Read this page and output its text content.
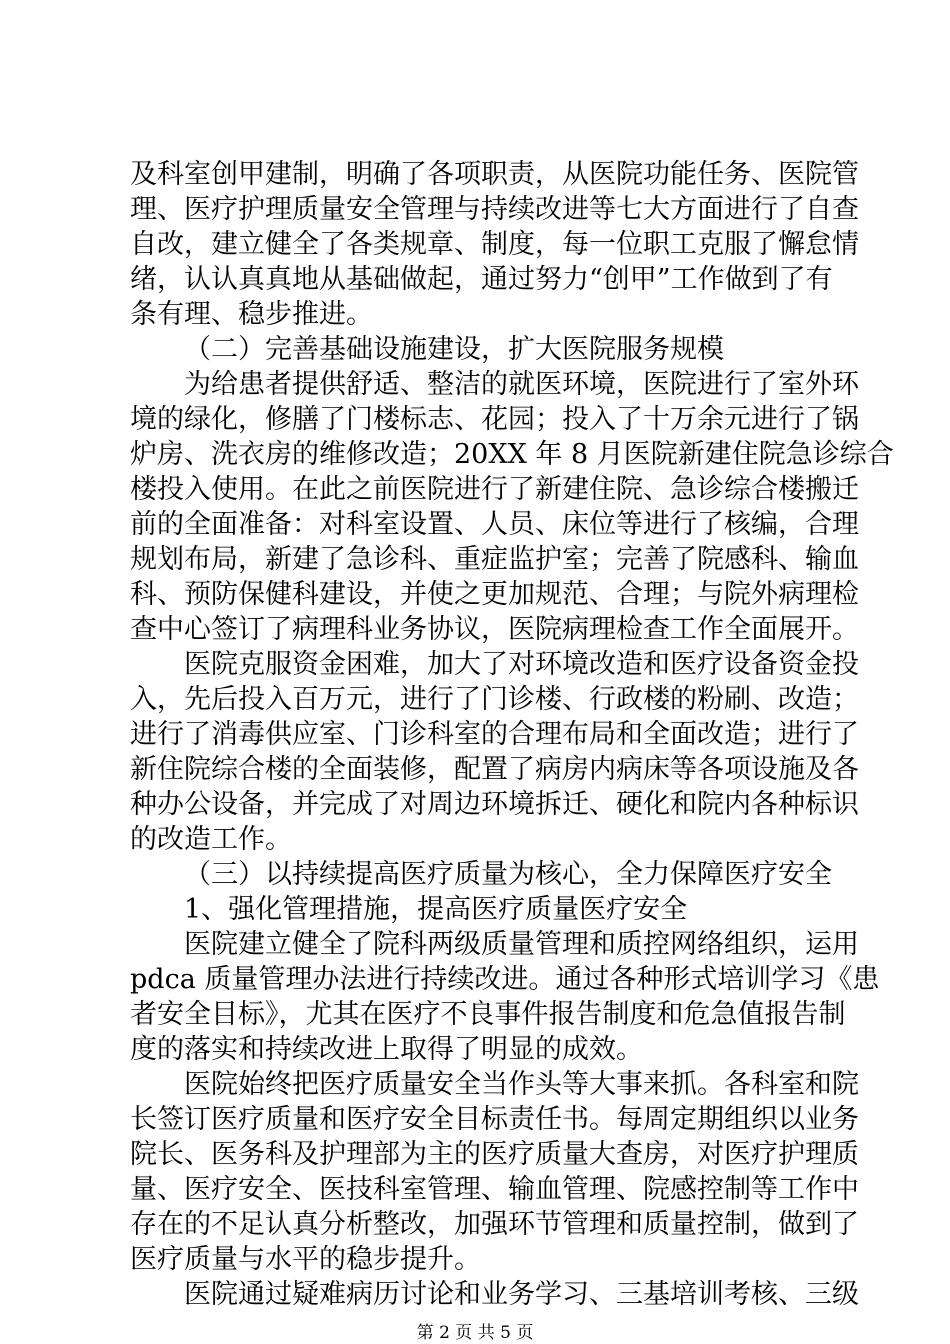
及科室创甲建制，明确了各项职责，从医院功能任务、医院管

理、医疗护理质量安全管理与持续改进等七大方面进行了自查

自改，建立健全了各类规章、制度，每一位职工克服了懈怠情

绪，认认真真地从基础做起，通过努力“创甲”工作做到了有

条有理、稳步推进。

（二）完善基础设施建设，扩大医院服务规模

为给患者提供舒适、整洁的就医环境，医院进行了室外环

境的绿化，修膳了门楼标志、花园；投入了十万余元进行了锅

炉房、洗衣房的维修改造；20XX 年 8 月医院新建住院急诊综合

楼投入使用。在此之前医院进行了新建住院、急诊综合楼搬迁

前的全面准备：对科室设置、人员、床位等进行了核编，合理

规划布局，新建了急诊科、重症监护室；完善了院感科、输血

科、预防保健科建设，并使之更加规范、合理；与院外病理检

查中心签订了病理科业务协议，医院病理检查工作全面展开。

医院克服资金困难，加大了对环境改造和医疗设备资金投

入，先后投入百万元，进行了门诊楼、行政楼的粉刷、改造；

进行了消毒供应室、门诊科室的合理布局和全面改造；进行了

新住院综合楼的全面装修，配置了病房内病床等各项设施及各

种办公设备，并完成了对周边环境拆迁、硬化和院内各种标识

的改造工作。

（三）以持续提高医疗质量为核心，全力保障医疗安全

1、强化管理措施，提高医疗质量医疗安全

医院建立健全了院科两级质量管理和质控网络组织，运用

pdca 质量管理办法进行持续改进。通过各种形式培训学习《患

者安全目标》，尤其在医疗不良事件报告制度和危急值报告制

度的落实和持续改进上取得了明显的成效。

医院始终把医疗质量安全当作头等大事来抓。各科室和院

长签订医疗质量和医疗安全目标责任书。每周定期组织以业务

院长、医务科及护理部为主的医疗质量大查房，对医疗护理质

量、医疗安全、医技科室管理、输血管理、院感控制等工作中

存在的不足认真分析整改，加强环节管理和质量控制，做到了

医疗质量与水平的稳步提升。

医院通过疑难病历讨论和业务学习、三基培训考核、三级

第 2 页 共 5 页
